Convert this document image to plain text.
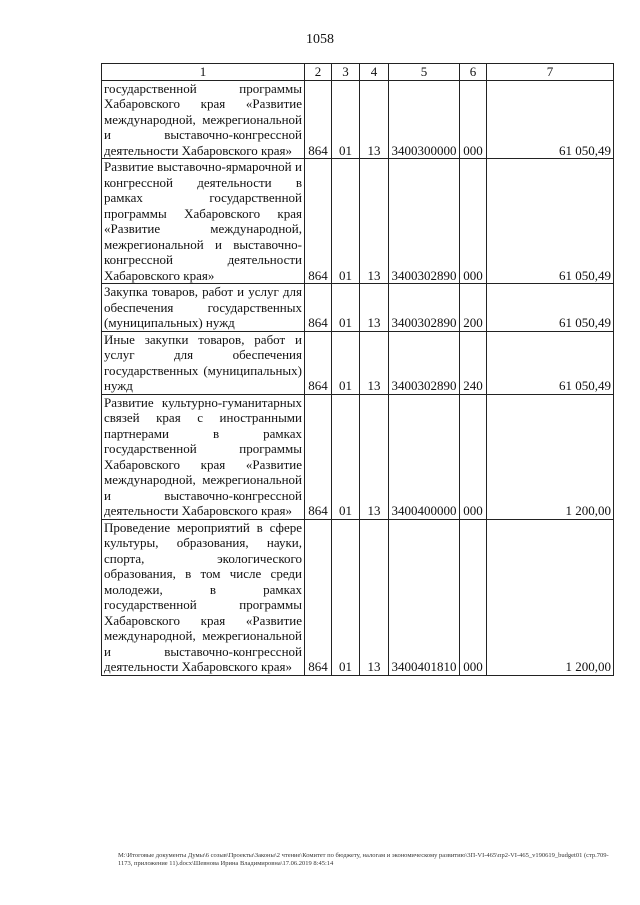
1058
1	2	3	4	5	6	7
государственной программы Хабаровского края «Развитие международной, межрегиональной и выставочно-конгрессной деятельности Хабаровского края»	864	01	13	3400300000	000	61 050,49
Развитие выставочно-ярмарочной и конгрессной деятельности в рамках государственной программы Хабаровского края «Развитие международной, межрегиональной и выставочно-конгрессной деятельности Хабаровского края»	864	01	13	3400302890	000	61 050,49
Закупка товаров, работ и услуг для обеспечения государственных (муниципальных) нужд	864	01	13	3400302890	200	61 050,49
Иные закупки товаров, работ и услуг для обеспечения государственных (муниципальных) нужд	864	01	13	3400302890	240	61 050,49
Развитие культурно-гуманитарных связей края с иностранными партнерами в рамках государственной программы Хабаровского края «Развитие международной, межрегиональной и выставочно-конгрессной деятельности Хабаровского края»	864	01	13	3400400000	000	1 200,00
Проведение мероприятий в сфере культуры, образования, науки, спорта, экологического образования, в том числе среди молодежи, в рамках государственной программы Хабаровского края «Развитие международной, межрегиональной и выставочно-конгрессной деятельности Хабаровского края»	864	01	13	3400401810	000	1 200,00
M:\Итоговые документы Думы\6 созыв\Проекты\Законы\2 чтение\Комитет по бюджету, налогам и экономическому развитию\3П-VI-465\пр2-VI-465_v190619_budget01 (стр.709-1173, приложение 11).docx\Шевнова Ирина Владимировна\17.06.2019 8:45:14
